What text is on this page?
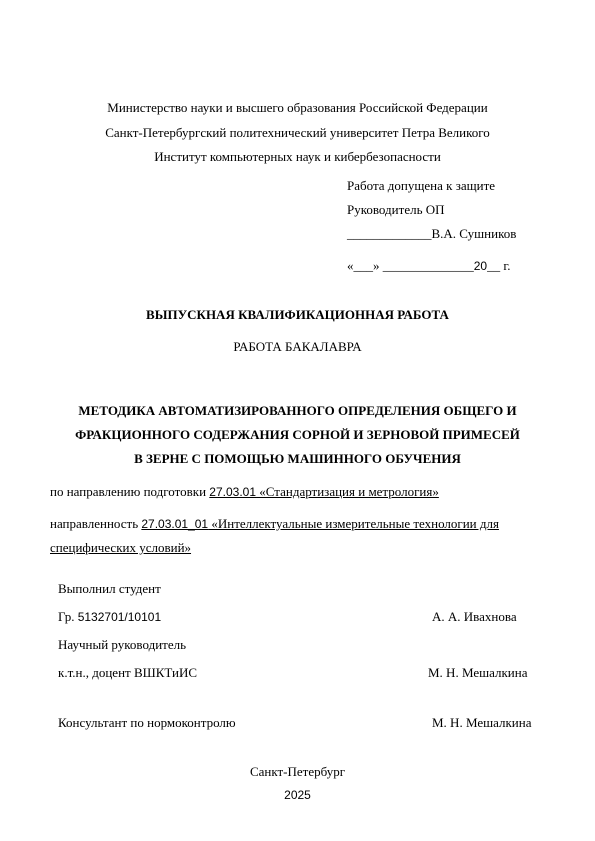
Министерство науки и высшего образования Российской Федерации
Санкт-Петербургский политехнический университет Петра Великого
Институт компьютерных наук и кибербезопасности
Работа допущена к защите
Руководитель ОП
_____________В.А. Сушников
«___» ______________20__ г.
ВЫПУСКНАЯ КВАЛИФИКАЦИОННАЯ РАБОТА
РАБОТА БАКАЛАВРА
МЕТОДИКА АВТОМАТИЗИРОВАННОГО ОПРЕДЕЛЕНИЯ ОБЩЕГО И
ФРАКЦИОННОГО СОДЕРЖАНИЯ СОРНОЙ И ЗЕРНОВОЙ ПРИМЕСЕЙ
В ЗЕРНЕ С ПОМОЩЬЮ МАШИННОГО ОБУЧЕНИЯ
по направлению подготовки 27.03.01 «Стандартизация и метрология»
направленность 27.03.01_01 «Интеллектуальные измерительные технологии для
специфических условий»
Выполнил студент
Гр. 5132701/10101	А. А. Ивахнова
Научный руководитель
к.т.н., доцент ВШКТиИС	М. Н. Мешалкина
Консультант по нормоконтролю	М. Н. Мешалкина
Санкт-Петербург
2025
